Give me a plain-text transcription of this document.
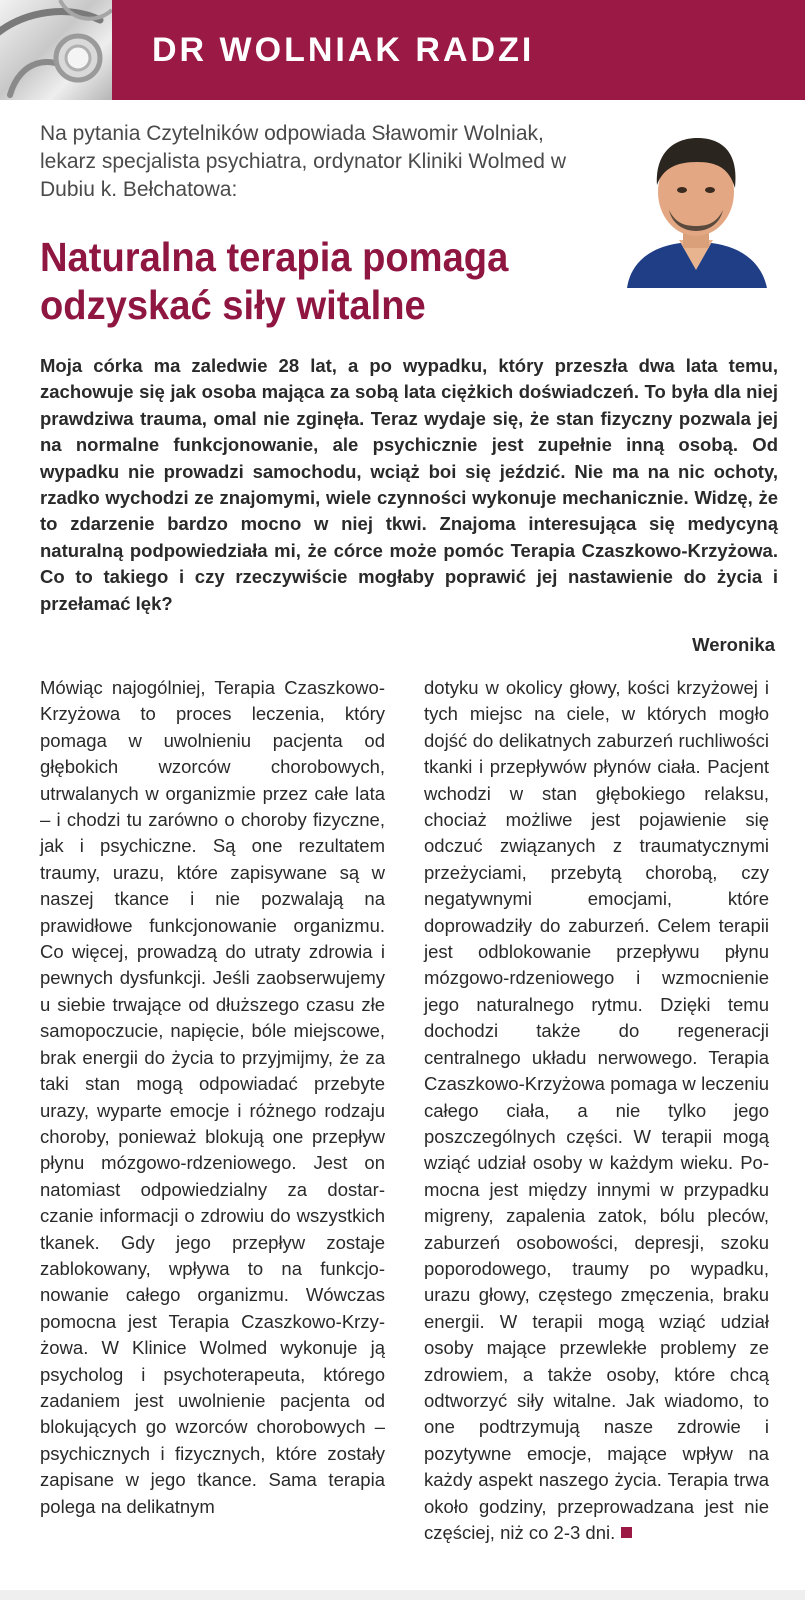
DR WOLNIAK RADZI
Na pytania Czytelników odpowiada Sławomir Wolniak, lekarz specjalista psychiatra, ordynator Kliniki Wolmed w Dubiu k. Bełchatowa:
Naturalna terapia pomaga odzyskać siły witalne

Moja córka ma zaledwie 28 lat, a po wypadku, który przeszła dwa lata temu, zachowuje się jak osoba mająca za sobą lata ciężkich doświadczeń. To była dla niej prawdziwa trauma, omal nie zginęła. Teraz wydaje się, że stan fizyczny pozwala jej na normalne funkcjonowanie, ale psychicznie jest zupełnie inną osobą. Od wypadku nie prowadzi samochodu, wciąż boi się jeździć. Nie ma na nic ochoty, rzadko wychodzi ze znajomymi, wiele czynności wykonuje mechanicznie. Widzę, że to zdarzenie bardzo mocno w niej tkwi. Znajoma interesująca się medycyną naturalną podpowiedziała mi, że córce może pomóc Terapia Czaszkowo-Krzyżowa. Co to takiego i czy rzeczywiście mogłaby poprawić jej nastawienie do życia i przełamać lęk?

Weronika
Mówiąc najogólniej, Terapia Czaszkowo-Krzyżowa to proces leczenia, który pomaga w uwolnieniu pacjenta od głębokich wzorców chorobowych, utrwalanych w organizmie przez całe lata – i chodzi tu zarówno o choroby fizyczne, jak i psychiczne. Są one rezultatem traumy, urazu, które zapisywane są w naszej tkance i nie pozwalają na prawidłowe funkcjonowanie organizmu. Co więcej, prowadzą do utraty zdrowia i pewnych dysfunkcji. Jeśli zaobserwujemy u siebie trwające od dłuższego czasu złe samopoczucie, napięcie, bóle miejscowe, brak energii do życia to przyjmijmy, że za taki stan mogą odpowiadać przebyte urazy, wyparte emocje i różnego rodzaju choroby, ponieważ blokują one przepływ płynu mózgowo-rdzeniowego. Jest on natomiast odpowiedzialny za dostarczanie informacji o zdrowiu do wszystkich tkanek. Gdy jego przepływ zostaje zablokowany, wpływa to na funkcjonowanie całego organizmu. Wówczas pomocna jest Terapia Czaszkowo-Krzyżowa. W Klinice Wolmed wykonuje ją psycholog i psychoterapeuta, którego zadaniem jest uwolnienie pacjenta od blokujących go wzorców chorobowych – psychicznych i fizycznych, które zostały zapisane w jego tkance. Sama terapia polega na delikatnym
dotyku w okolicy głowy, kości krzyżowej i tych miejsc na ciele, w których mogło dojść do delikatnych zaburzeń ruchliwości tkanki i przepływów płynów ciała. Pacjent wchodzi w stan głębokiego relaksu, chociaż możliwe jest pojawienie się odczuć związanych z traumatycznymi przeżyciami, przebytą chorobą, czy negatywnymi emocjami, które doprowadziły do zaburzeń. Celem terapii jest odblokowanie przepływu płynu mózgowo-rdzeniowego i wzmocnienie jego naturalnego rytmu. Dzięki temu dochodzi także do regeneracji centralnego układu nerwowego. Terapia Czaszkowo-Krzyżowa pomaga w leczeniu całego ciała, a nie tylko jego poszczególnych części. W terapii mogą wziąć udział osoby w każdym wieku. Pomocna jest między innymi w przypadku migreny, zapalenia zatok, bólu pleców, zaburzeń osobowości, depresji, szoku poporodowego, traumy po wypadku, urazu głowy, częstego zmęczenia, braku energii. W terapii mogą wziąć udział osoby mające przewlekłe problemy ze zdrowiem, a także osoby, które chcą odtworzyć siły witalne. Jak wiadomo, to one podtrzymują nasze zdrowie i pozytywne emocje, mające wpływ na każdy aspekt naszego życia. Terapia trwa około godziny, przeprowadzana jest nie częściej, niż co 2-3 dni.
